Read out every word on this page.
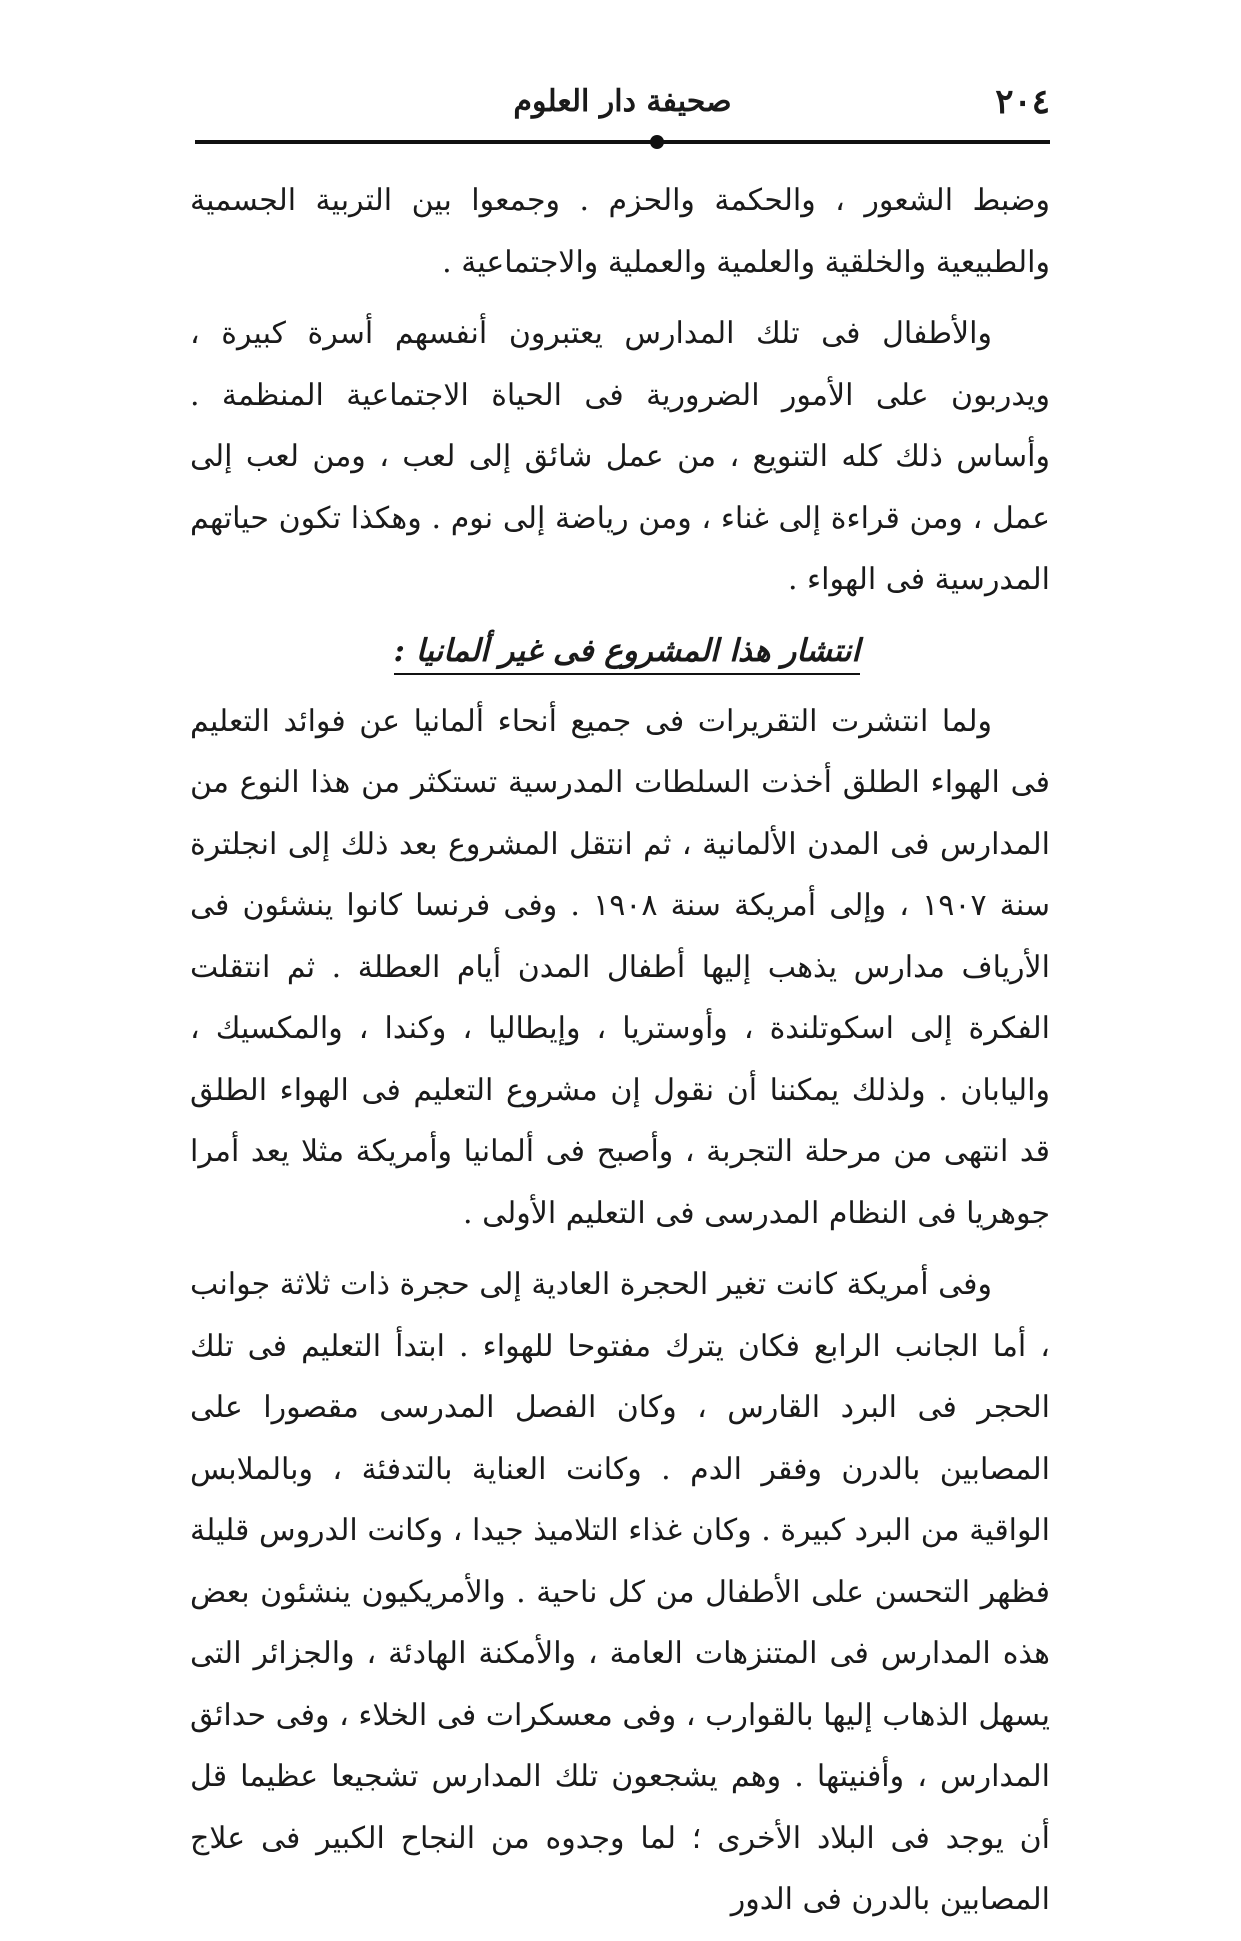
٢٠٤
صحيفة دار العلوم

وضبط الشعور ، والحكمة والحزم . وجمعوا بين التربية الجسمية والطبيعية والخلقية والعلمية والعملية والاجتماعية .

والأطفال فى تلك المدارس يعتبرون أنفسهم أسرة كبيرة ، ويدربون على الأمور الضرورية فى الحياة الاجتماعية المنظمة . وأساس ذلك كله التنويع ، من عمل شائق إلى لعب ، ومن لعب إلى عمل ، ومن قراءة إلى غناء ، ومن رياضة إلى نوم . وهكذا تكون حياتهم المدرسية فى الهواء .

انتشار هذا المشروع فى غير ألمانيا :

ولما انتشرت التقريرات فى جميع أنحاء ألمانيا عن فوائد التعليم فى الهواء الطلق أخذت السلطات المدرسية تستكثر من هذا النوع من المدارس فى المدن الألمانية ، ثم انتقل المشروع بعد ذلك إلى انجلترة سنة ١٩٠٧ ، وإلى أمريكة سنة ١٩٠٨ . وفى فرنسا كانوا ينشئون فى الأرياف مدارس يذهب إليها أطفال المدن أيام العطلة . ثم انتقلت الفكرة إلى اسكوتلندة ، وأوستريا ، وإيطاليا ، وكندا ، والمكسيك ، واليابان . ولذلك يمكننا أن نقول إن مشروع التعليم فى الهواء الطلق قد انتهى من مرحلة التجربة ، وأصبح فى ألمانيا وأمريكة مثلا يعد أمرا جوهريا فى النظام المدرسى فى التعليم الأولى .

وفى أمريكة كانت تغير الحجرة العادية إلى حجرة ذات ثلاثة جوانب ، أما الجانب الرابع فكان يترك مفتوحا للهواء . ابتدأ التعليم فى تلك الحجر فى البرد القارس ، وكان الفصل المدرسى مقصورا على المصابين بالدرن وفقر الدم . وكانت العناية بالتدفئة ، وبالملابس الواقية من البرد كبيرة . وكان غذاء التلاميذ جيدا ، وكانت الدروس قليلة فظهر التحسن على الأطفال من كل ناحية . والأمريكيون ينشئون بعض هذه المدارس فى المتنزهات العامة ، والأمكنة الهادئة ، والجزائر التى يسهل الذهاب إليها بالقوارب ، وفى معسكرات فى الخلاء ، وفى حدائق المدارس ، وأفنيتها . وهم يشجعون تلك المدارس تشجيعا عظيما قل أن يوجد فى البلاد الأخرى ؛ لما وجدوه من النجاح الكبير فى علاج المصابين بالدرن فى الدور
